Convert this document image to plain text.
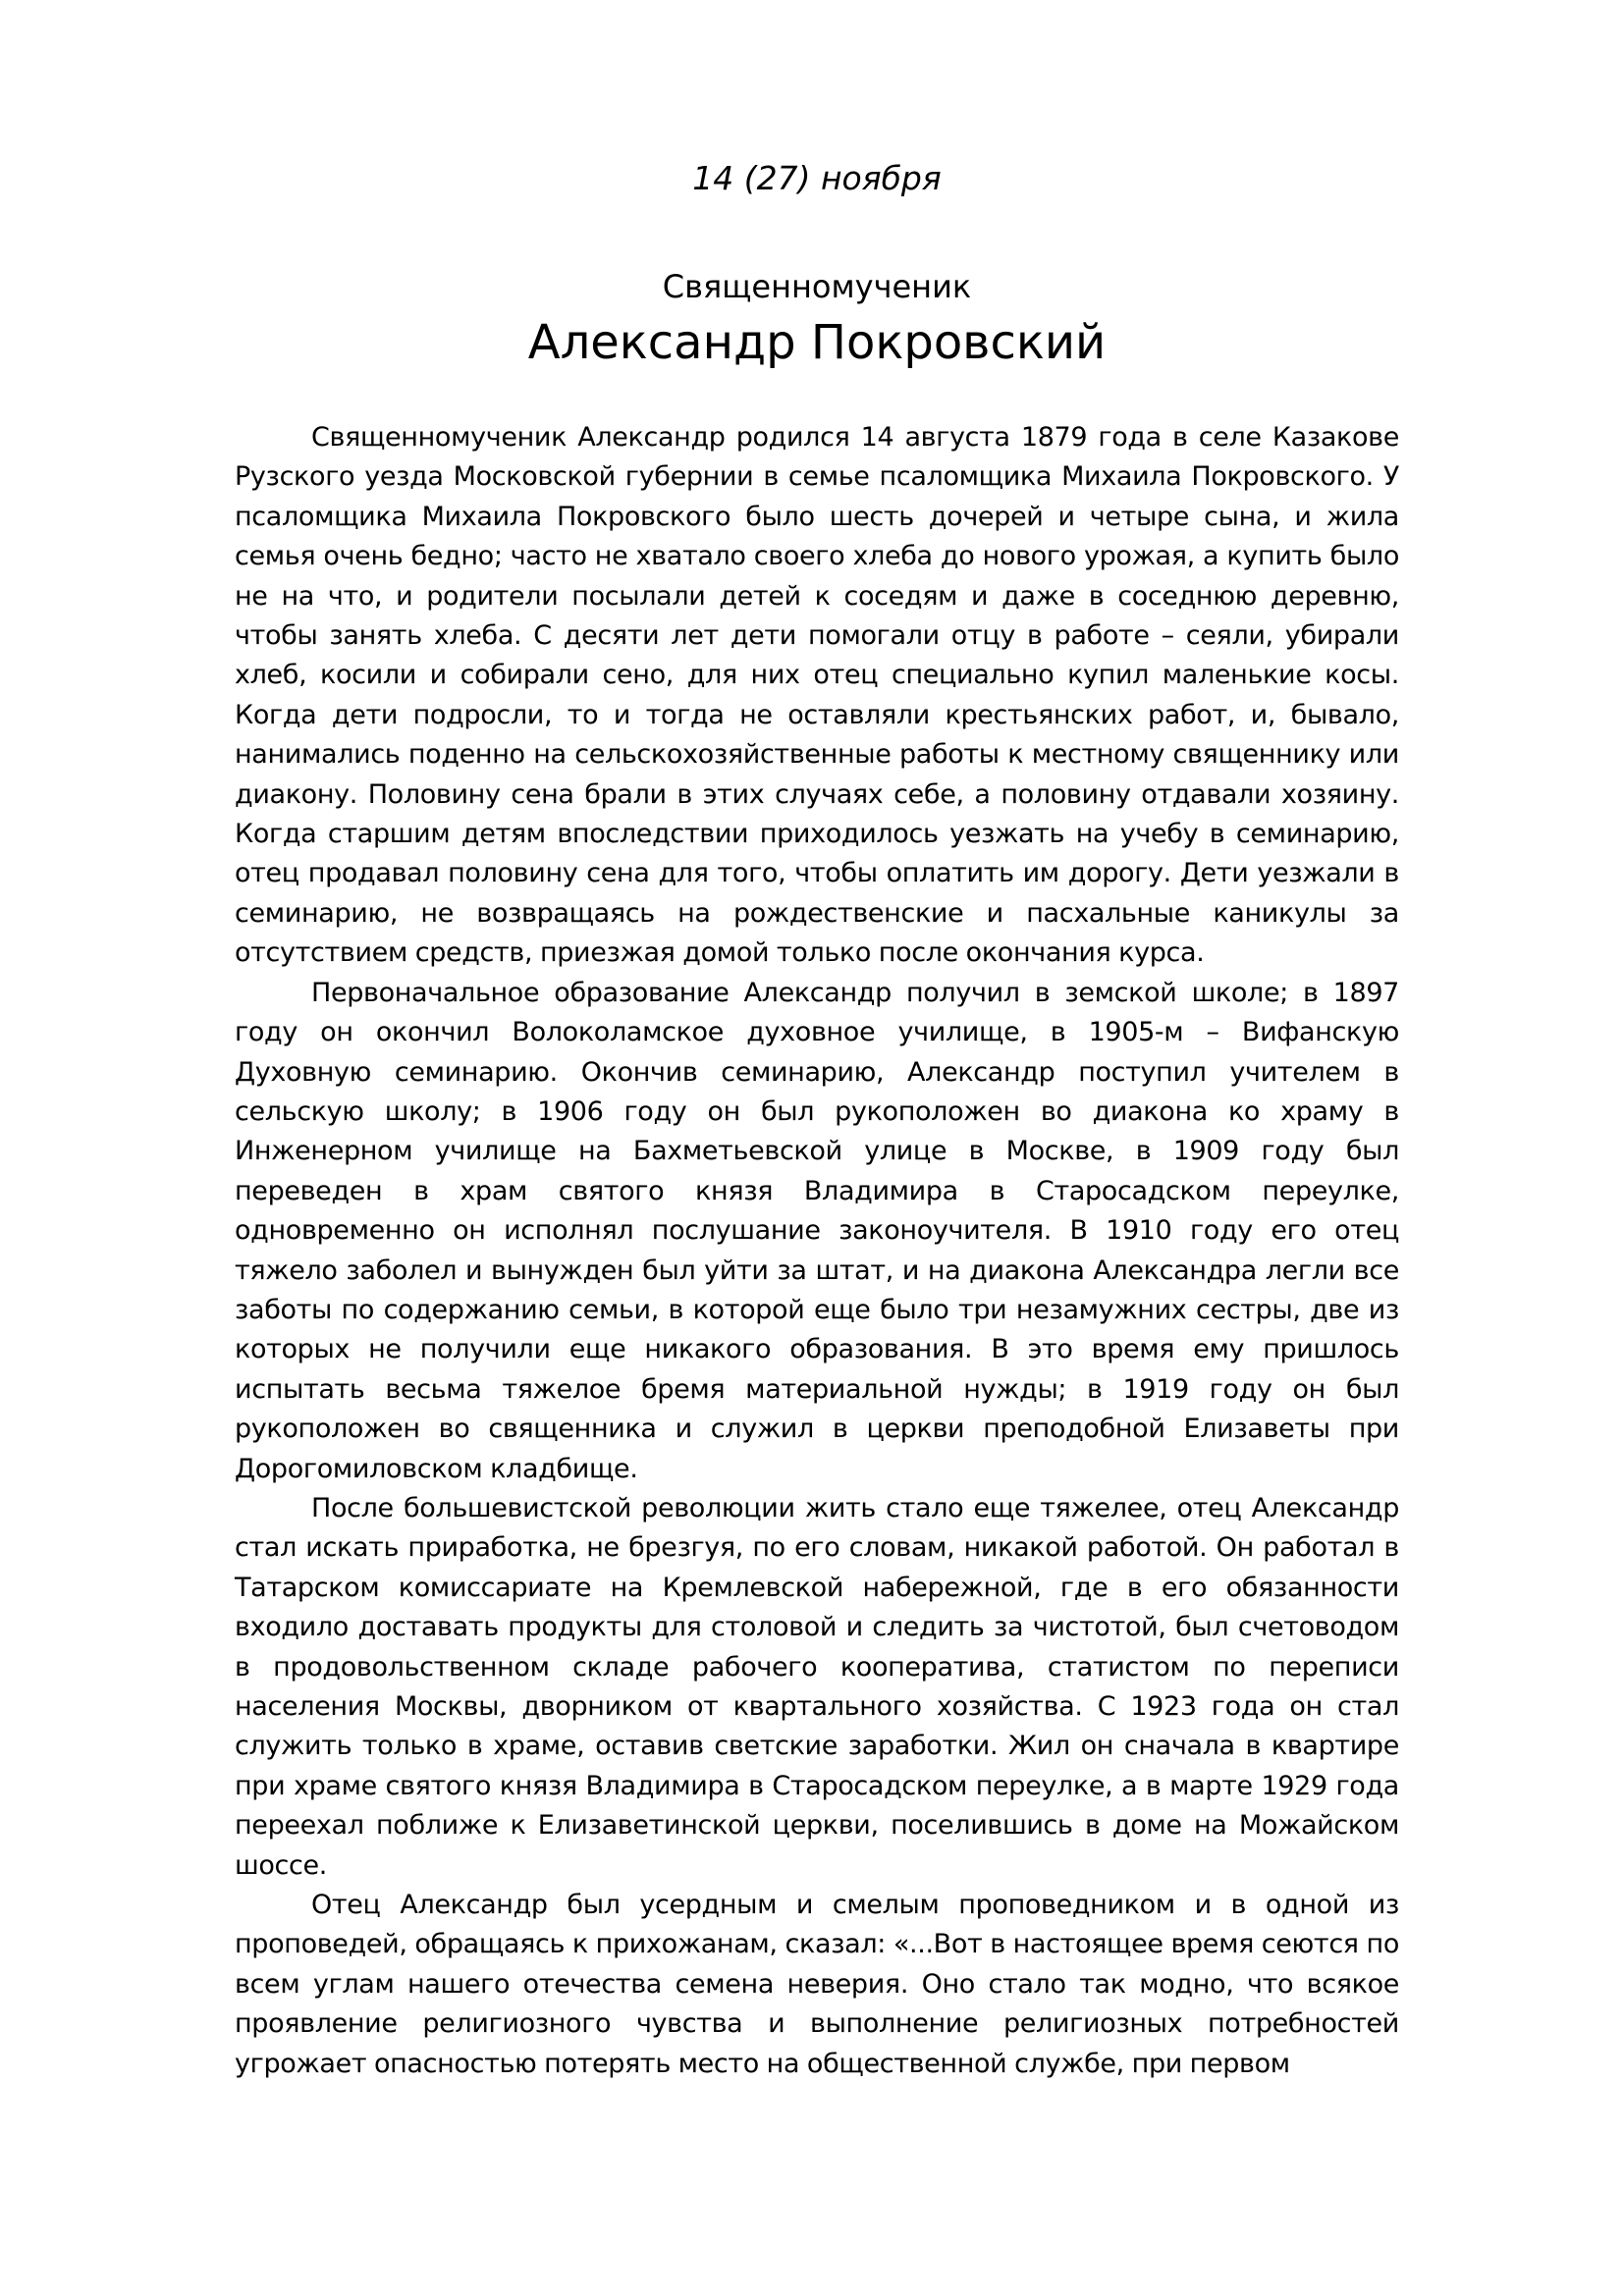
14 (27) ноября
Священномученик
Александр Покровский

Священномученик Александр родился 14 августа 1879 года в селе Казакове Рузского уезда Московской губернии в семье псаломщика Михаила Покровского. У псаломщика Михаила Покровского было шесть дочерей и четыре сына, и жила семья очень бедно; часто не хватало своего хлеба до нового урожая, а купить было не на что, и родители посылали детей к соседям и даже в соседнюю деревню, чтобы занять хлеба. С десяти лет дети помогали отцу в работе – сеяли, убирали хлеб, косили и собирали сено, для них отец специально купил маленькие косы. Когда дети подросли, то и тогда не оставляли крестьянских работ, и, бывало, нанимались поденно на сельскохозяйственные работы к местному священнику или диакону. Половину сена брали в этих случаях себе, а половину отдавали хозяину. Когда старшим детям впоследствии приходилось уезжать на учебу в семинарию, отец продавал половину сена для того, чтобы оплатить им дорогу. Дети уезжали в семинарию, не возвращаясь на рождественские и пасхальные каникулы за отсутствием средств, приезжая домой только после окончания курса.

Первоначальное образование Александр получил в земской школе; в 1897 году он окончил Волоколамское духовное училище, в 1905-м – Вифанскую Духовную семинарию. Окончив семинарию, Александр поступил учителем в сельскую школу; в 1906 году он был рукоположен во диакона ко храму в Инженерном училище на Бахметьевской улице в Москве, в 1909 году был переведен в храм святого князя Владимира в Старосадском переулке, одновременно он исполнял послушание законоучителя. В 1910 году его отец тяжело заболел и вынужден был уйти за штат, и на диакона Александра легли все заботы по содержанию семьи, в которой еще было три незамужних сестры, две из которых не получили еще никакого образования. В это время ему пришлось испытать весьма тяжелое бремя материальной нужды; в 1919 году он был рукоположен во священника и служил в церкви преподобной Елизаветы при Дорогомиловском кладбище.

После большевистской революции жить стало еще тяжелее, отец Александр стал искать приработка, не брезгуя, по его словам, никакой работой. Он работал в Татарском комиссариате на Кремлевской набережной, где в его обязанности входило доставать продукты для столовой и следить за чистотой, был счетоводом в продовольственном складе рабочего кооператива, статистом по переписи населения Москвы, дворником от квартального хозяйства. С 1923 года он стал служить только в храме, оставив светские заработки. Жил он сначала в квартире при храме святого князя Владимира в Старосадском переулке, а в марте 1929 года переехал поближе к Елизаветинской церкви, поселившись в доме на Можайском шоссе.

Отец Александр был усердным и смелым проповедником и в одной из проповедей, обращаясь к прихожанам, сказал: «...Вот в настоящее время сеются по всем углам нашего отечества семена неверия. Оно стало так модно, что всякое проявление религиозного чувства и выполнение религиозных потребностей угрожает опасностью потерять место на общественной службе, при первом
